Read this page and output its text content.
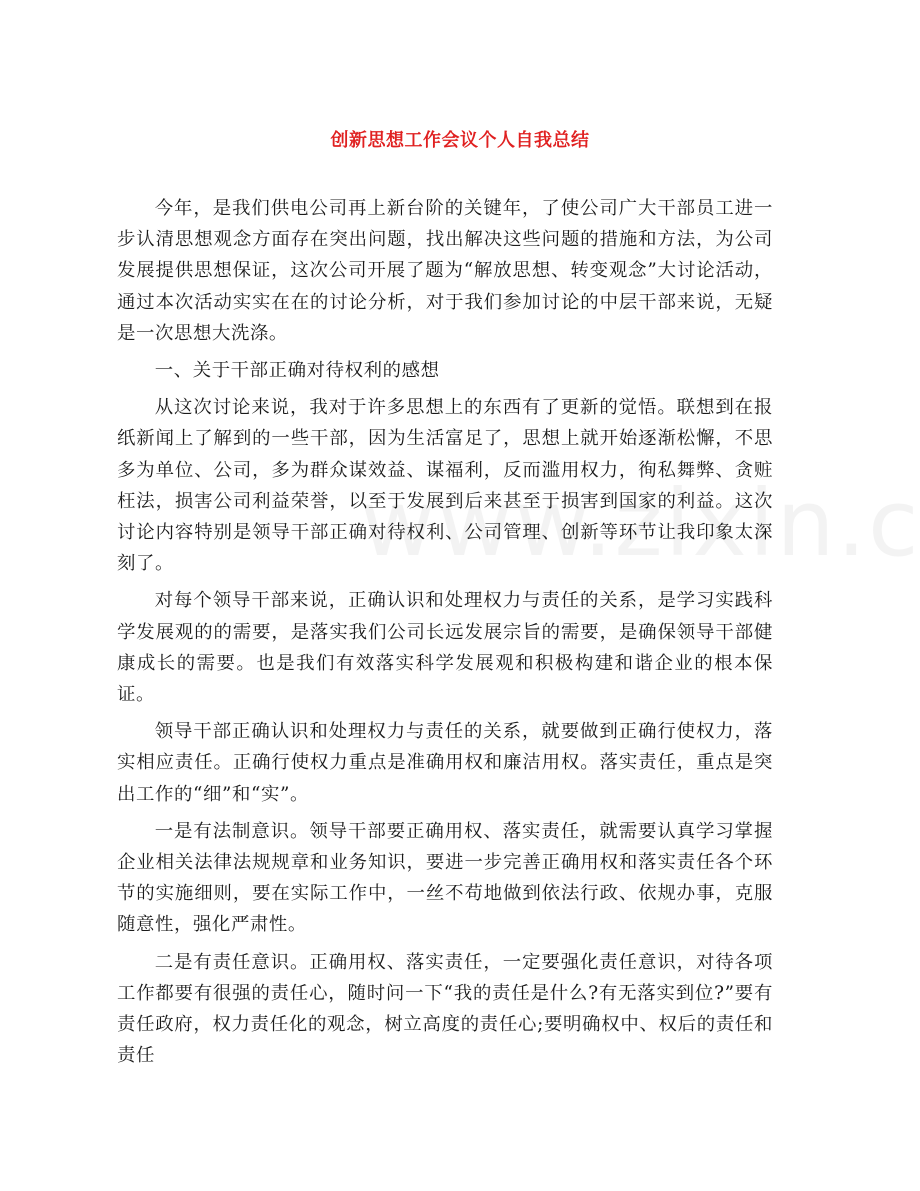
创新思想工作会议个人自我总结

今年，是我们供电公司再上新台阶的关键年，了使公司广大干部员工进一步认清思想观念方面存在突出问题，找出解决这些问题的措施和方法，为公司发展提供思想保证，这次公司开展了题为“解放思想、转变观念”大讨论活动，通过本次活动实实在在的讨论分析，对于我们参加讨论的中层干部来说，无疑是一次思想大洗涤。

一、关于干部正确对待权利的感想

从这次讨论来说，我对于许多思想上的东西有了更新的觉悟。联想到在报纸新闻上了解到的一些干部，因为生活富足了，思想上就开始逐渐松懈，不思多为单位、公司，多为群众谋效益、谋福利，反而滥用权力，徇私舞弊、贪赃枉法，损害公司利益荣誉，以至于发展到后来甚至于损害到国家的利益。这次讨论内容特别是领导干部正确对待权利、公司管理、创新等环节让我印象太深刻了。

对每个领导干部来说，正确认识和处理权力与责任的关系，是学习实践科学发展观的的需要，是落实我们公司长远发展宗旨的需要，是确保领导干部健康成长的需要。也是我们有效落实科学发展观和积极构建和谐企业的根本保证。

领导干部正确认识和处理权力与责任的关系，就要做到正确行使权力，落实相应责任。正确行使权力重点是准确用权和廉洁用权。落实责任，重点是突出工作的“细”和“实”。

一是有法制意识。领导干部要正确用权、落实责任，就需要认真学习掌握企业相关法律法规规章和业务知识，要进一步完善正确用权和落实责任各个环节的实施细则，要在实际工作中，一丝不苟地做到依法行政、依规办事，克服随意性，强化严肃性。

二是有责任意识。正确用权、落实责任，一定要强化责任意识，对待各项工作都要有很强的责任心，随时问一下“我的责任是什么?有无落实到位?”要有责任政府，权力责任化的观念，树立高度的责任心;要明确权中、权后的责任和责任
